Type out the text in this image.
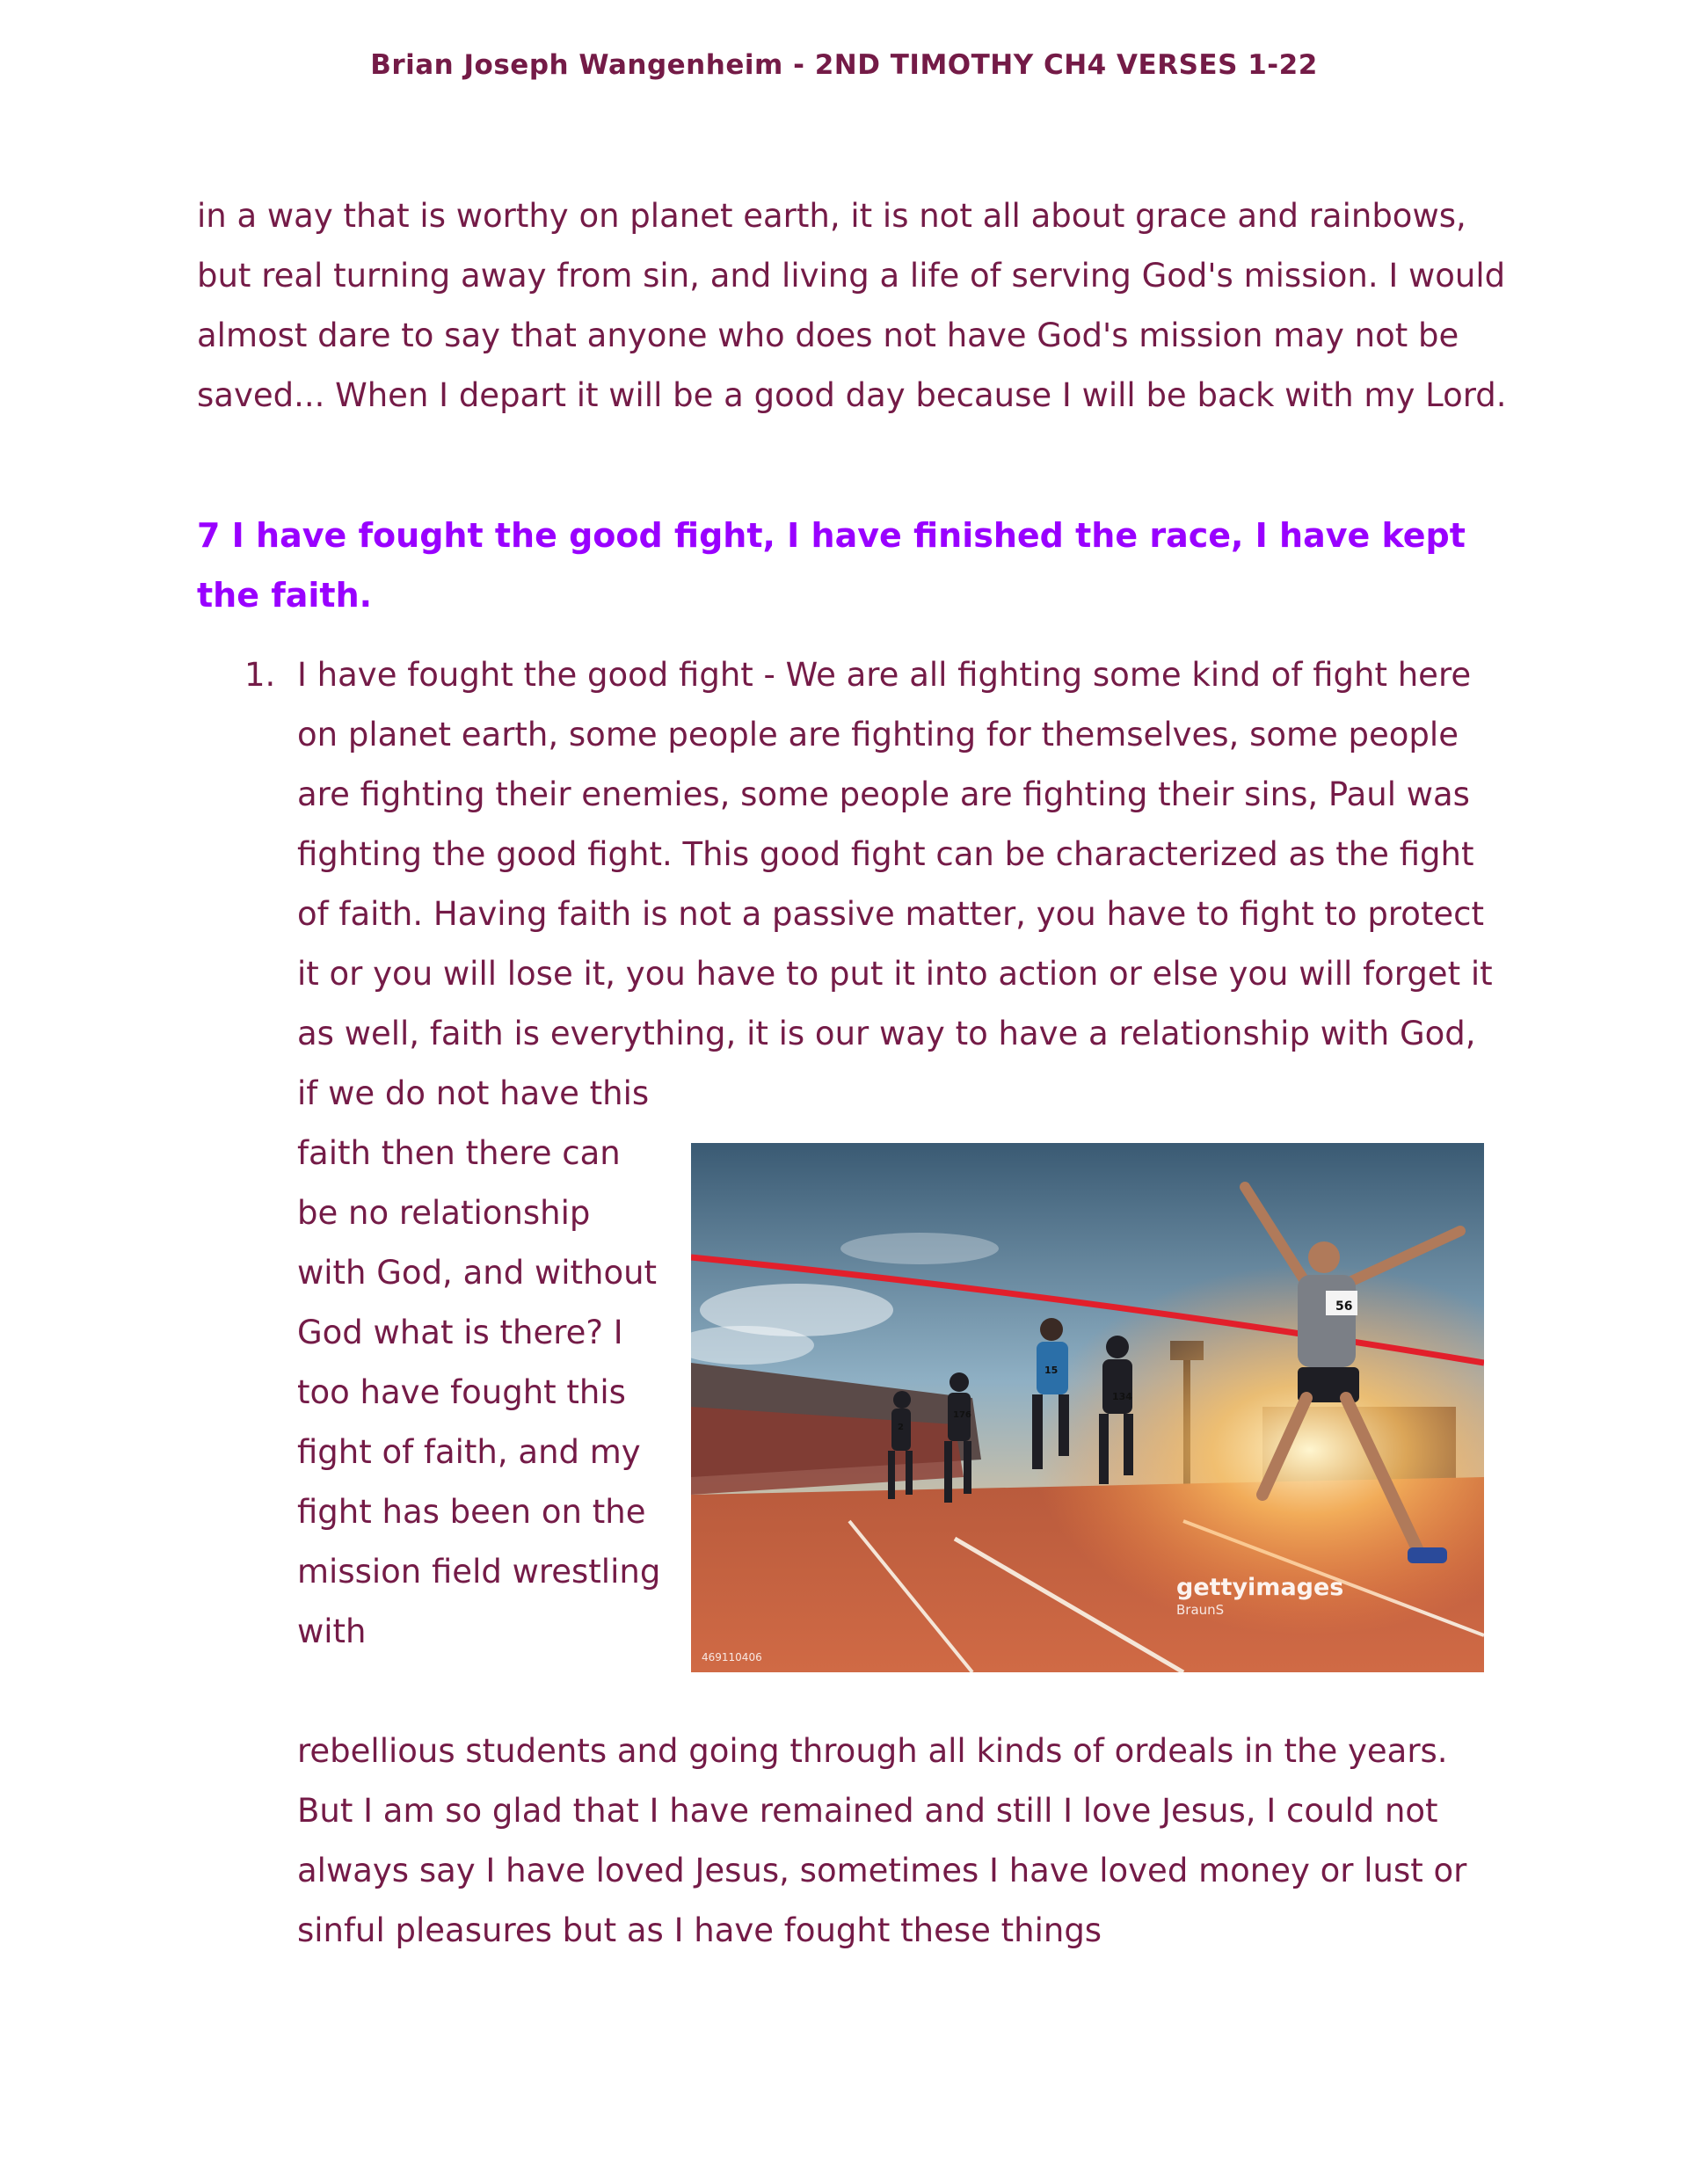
Brian Joseph Wangenheim - 2ND TIMOTHY CH4 VERSES 1-22
in a way that is worthy on planet earth, it is not all about grace and rainbows, but real turning away from sin, and living a life of serving God's mission. I would almost dare to say that anyone who does not have God's mission may not be saved... When I depart it will be a good day because I will be back with my Lord.
7 I have fought the good fight, I have finished the race, I have kept the faith.
1. I have fought the good fight - We are all fighting some kind of fight here on planet earth, some people are fighting for themselves, some people are fighting their enemies, some people are fighting their sins, Paul was fighting the good fight. This good fight can be characterized as the fight of faith. Having faith is not a passive matter, you have to fight to protect it or you will lose it, you have to put it into action or else you will forget it as well, faith is everything, it is our way to have a relationship with God, if we do not have this
faith then there can be no relationship with God, and without God what is there? I too have fought this fight of faith, and my fight has been on the mission field wrestling with
rebellious students and going through all kinds of ordeals in the years. But I am so glad that I have remained and still I love Jesus, I could not always say I have loved Jesus, sometimes I have loved money or lust or sinful pleasures but as I have fought these things
56
134
15
176
2
gettyimages
BraunS
469110406
